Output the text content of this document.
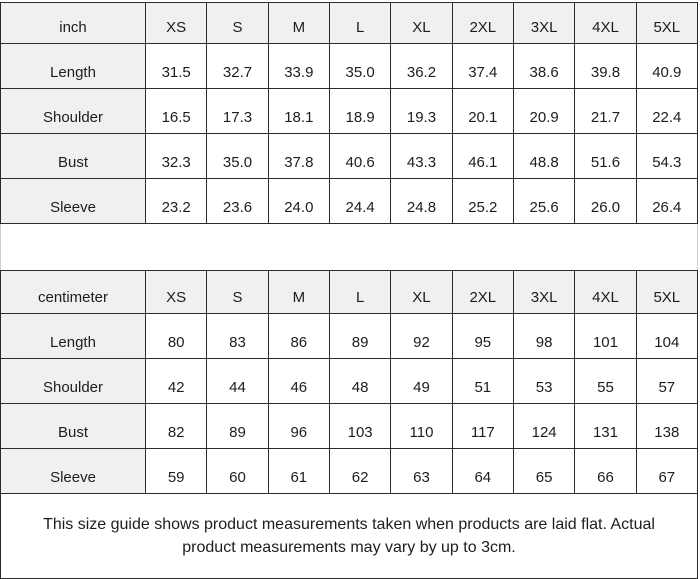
inch	XS	S	M	L	XL	2XL	3XL	4XL	5XL
Length	31.5	32.7	33.9	35.0	36.2	37.4	38.6	39.8	40.9
Shoulder	16.5	17.3	18.1	18.9	19.3	20.1	20.9	21.7	22.4
Bust	32.3	35.0	37.8	40.6	43.3	46.1	48.8	51.6	54.3
Sleeve	23.2	23.6	24.0	24.4	24.8	25.2	25.6	26.0	26.4
centimeter	XS	S	M	L	XL	2XL	3XL	4XL	5XL
Length	80	83	86	89	92	95	98	101	104
Shoulder	42	44	46	48	49	51	53	55	57
Bust	82	89	96	103	110	117	124	131	138
Sleeve	59	60	61	62	63	64	65	66	67
This size guide shows product measurements taken when products are laid flat. Actual product measurements may vary by up to 3cm.
